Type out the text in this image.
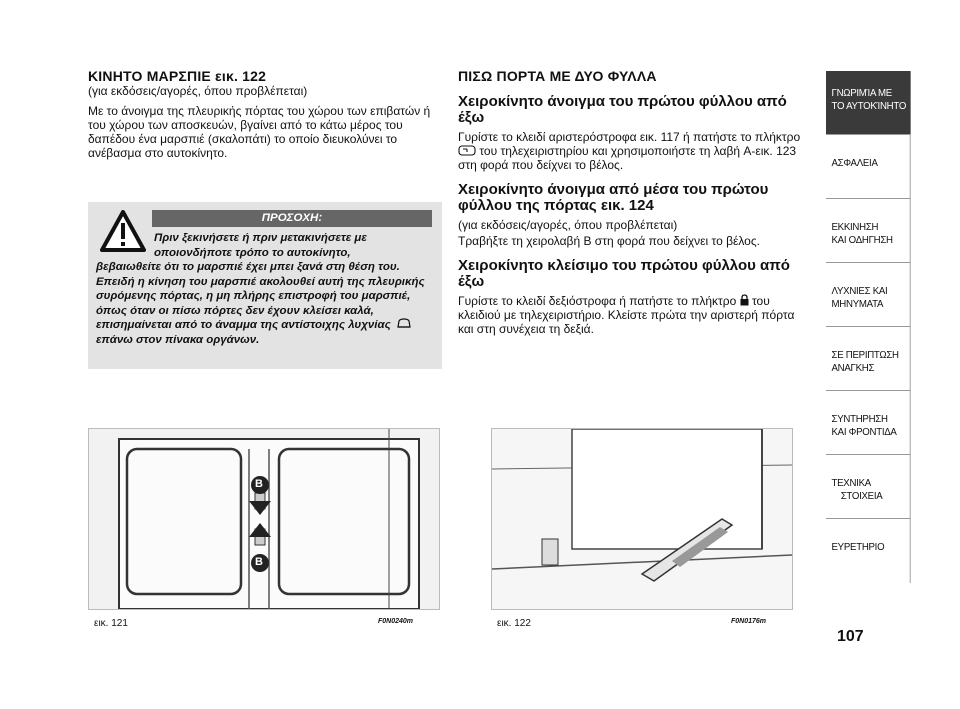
ΚΙΝΗΤΟ ΜΑΡΣΠΙΕ εικ. 122

(για εκδόσεις/αγορές, όπου προβλέπεται)

Με το άνοιγμα της πλευρικής πόρτας του χώρου των επιβατών ή του χώρου των αποσκευών, βγαίνει από το κάτω μέρος του δαπέδου ένα μαρσπιέ (σκαλοπάτι) το οποίο διευκολύνει το ανέβασμα στο αυτοκίνητο.

ΠΡΟΣΟΧΗ:
Πριν ξεκινήσετε ή πριν μετακινήσετε με
οποιονδήποτε τρόπο το αυτοκίνητο,
βεβαιωθείτε ότι το μαρσπιέ έχει μπει ξανά στη θέση του. Επειδή η κίνηση του μαρσπιέ ακολουθεί αυτή της πλευρικής συρόμενης πόρτας, η μη πλήρης επιστροφή του μαρσπιέ, όπως όταν οι πίσω πόρτες δεν έχουν κλείσει καλά, επισημαίνεται από το άναμμα της αντίστοιχης λυχνίας  επάνω στον πίνακα οργάνων.
ΠΙΣΩ ΠΟΡΤΑ ΜΕ ΔΥΟ ΦΥΛΛΑ
Χειροκίνητο άνοιγμα του πρώτου φύλλου από έξω

Γυρίστε το κλειδί αριστερόστροφα εικ. 117 ή πατήστε το πλήκτρο  του τηλεχειριστηρίου και χρησιμοποιήστε τη λαβή A-εικ. 123 στη φορά που δείχνει το βέλος.

Χειροκίνητο άνοιγμα από μέσα του πρώτου φύλλου της πόρτας εικ. 124

(για εκδόσεις/αγορές, όπου προβλέπεται)

Τραβήξτε τη χειρολαβή B στη φορά που δείχνει το βέλος.

Χειροκίνητο κλείσιμο του πρώτου φύλλου από έξω

Γυρίστε το κλειδί δεξιόστροφα ή πατήστε το πλήκτρο του κλειδιού με τηλεχειριστήριο. Κλείστε πρώτα την αριστερή πόρτα και στη συνέχεια τη δεξιά.

B
B
εικ. 121	F0N0240m	εικ. 122	F0N0176m
ΓΝΩΡΙΜΊΑ ΜΕ
ΤΟ ΑΥΤΟΚΊΝΗΤΟ
ΑΣΦΑΛΕΙΑ
ΕΚΚΙΝΗΣΗ
ΚΑΙ ΟΔΗΓΗΣΗ
ΛΥΧΝΙΕΣ ΚΑΙ
ΜΗΝΥΜΑΤΑ
ΣΕ ΠΕΡΙΠΤΩΣΗ
ΑΝΑΓΚΗΣ
ΣΥΝΤΗΡΗΣΗ
ΚΑΙ ΦΡΟΝΤΙΔΑ
ΤΕΧΝΙΚΑ
ΣΤΟΙΧΕΙΑ
ΕΥΡΕΤΗΡΙΟ
107
